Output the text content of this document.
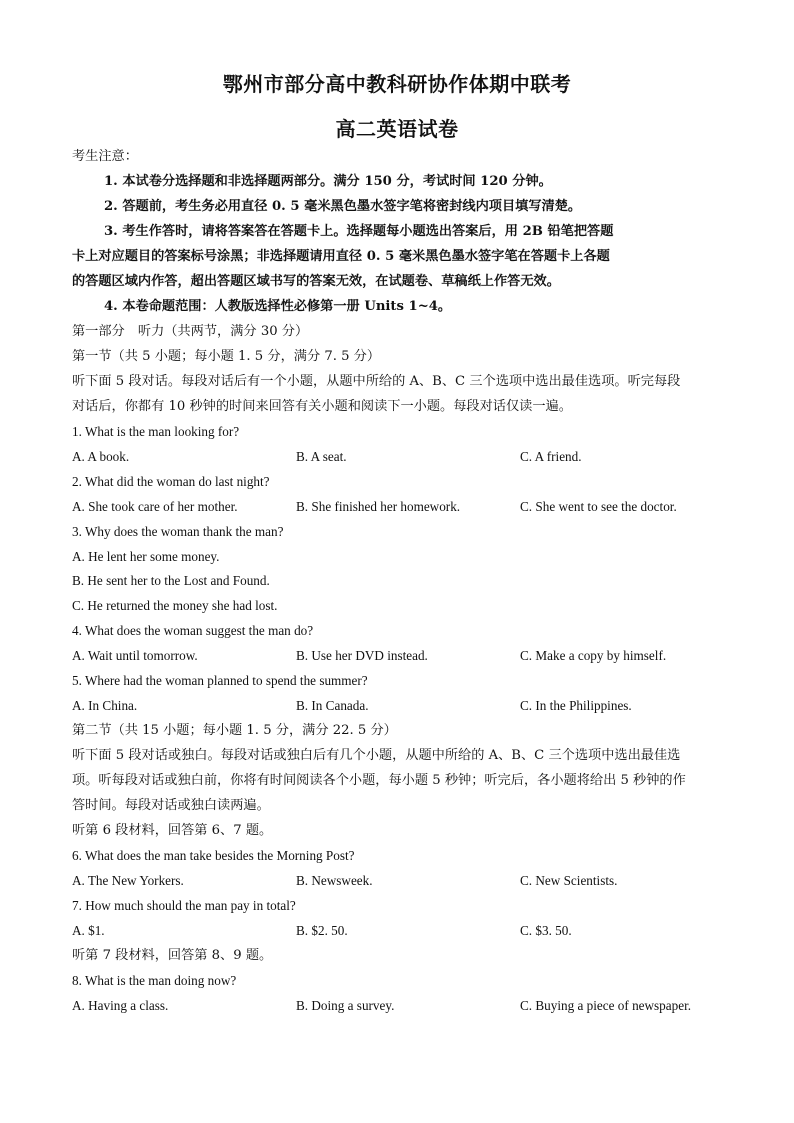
鄂州市部分高中教科研协作体期中联考
高二英语试卷
考生注意：
1. 本试卷分选择题和非选择题两部分。满分 150 分，考试时间 120 分钟。
2. 答题前，考生务必用直径 0. 5 毫米黑色墨水签字笔将密封线内项目填写清楚。
3. 考生作答时，请将答案答在答题卡上。选择题每小题选出答案后，用 2B 铅笔把答题
卡上对应题目的答案标号涂黑；非选择题请用直径 0. 5 毫米黑色墨水签字笔在答题卡上各题
的答题区域内作答，超出答题区域书写的答案无效，在试题卷、草稿纸上作答无效。
4. 本卷命题范围：人教版选择性必修第一册 Units 1~4。
第一部分　听力（共两节，满分 30 分）
第一节（共 5 小题；每小题 1. 5 分，满分 7. 5 分）
听下面 5 段对话。每段对话后有一个小题，从题中所给的 A、B、C 三个选项中选出最佳选项。听完每段
对话后，你都有 10 秒钟的时间来回答有关小题和阅读下一小题。每段对话仅读一遍。
1. What is the man looking for?
A. A book.	B. A seat.	C. A friend.
2. What did the woman do last night?
A. She took care of her mother.	B. She finished her homework.	C. She went to see the doctor.
3. Why does the woman thank the man?
A. He lent her some money.
B. He sent her to the Lost and Found.
C. He returned the money she had lost.
4. What does the woman suggest the man do?
A. Wait until tomorrow.	B. Use her DVD instead.	C. Make a copy by himself.
5. Where had the woman planned to spend the summer?
A. In China.	B. In Canada.	C. In the Philippines.
第二节（共 15 小题；每小题 1. 5 分，满分 22. 5 分）
听下面 5 段对话或独白。每段对话或独白后有几个小题，从题中所给的 A、B、C 三个选项中选出最佳选
项。听每段对话或独白前，你将有时间阅读各个小题，每小题 5 秒钟；听完后，各小题将给出 5 秒钟的作
答时间。每段对话或独白读两遍。
听第 6 段材料，回答第 6、7 题。
6. What does the man take besides the Morning Post?
A. The New Yorkers.	B. Newsweek.	C. New Scientists.
7. How much should the man pay in total?
A. $1.	B. $2. 50.	C. $3. 50.
听第 7 段材料，回答第 8、9 题。
8. What is the man doing now?
A. Having a class.	B. Doing a survey.	C. Buying a piece of newspaper.
